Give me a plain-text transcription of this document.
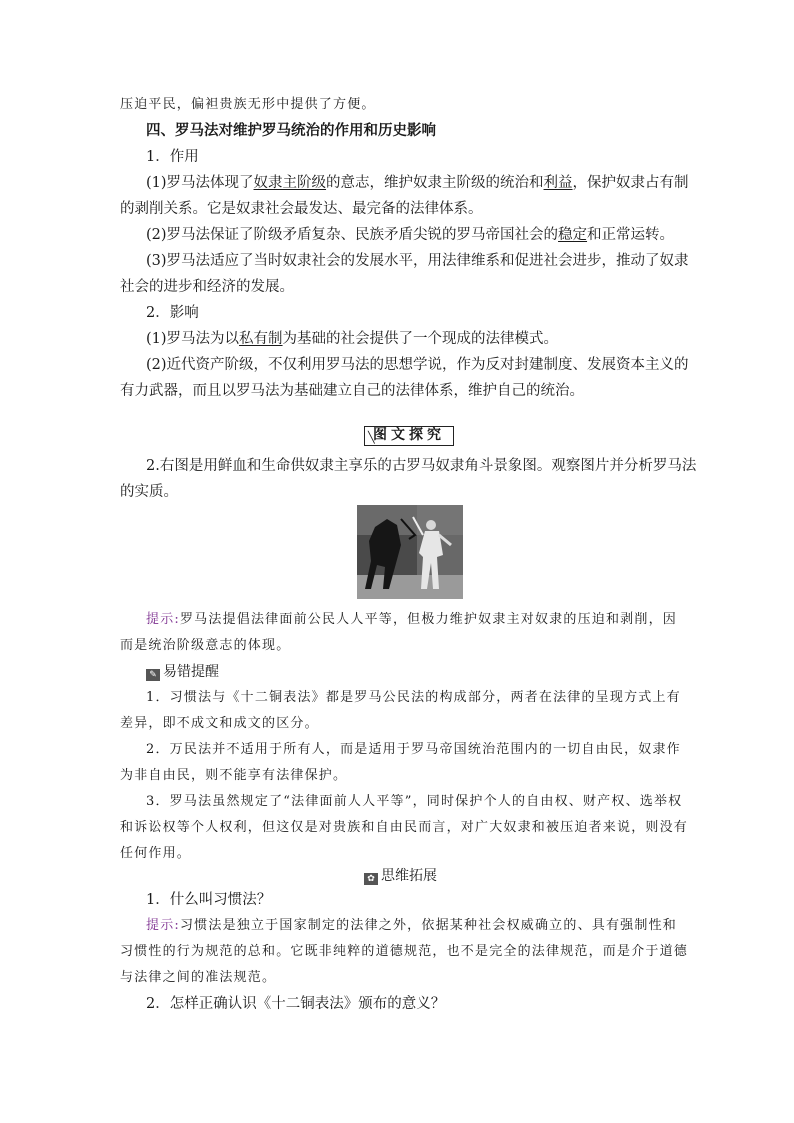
压迫平民，偏袒贵族无形中提供了方便。
四、罗马法对维护罗马统治的作用和历史影响
1．作用
(1)罗马法体现了奴隶主阶级的意志，维护奴隶主阶级的统治和利益，保护奴隶占有制
的剥削关系。它是奴隶社会最发达、最完备的法律体系。
(2)罗马法保证了阶级矛盾复杂、民族矛盾尖锐的罗马帝国社会的稳定和正常运转。
(3)罗马法适应了当时奴隶社会的发展水平，用法律维系和促进社会进步，推动了奴隶
社会的进步和经济的发展。
2．影响
(1)罗马法为以私有制为基础的社会提供了一个现成的法律模式。
(2)近代资产阶级，不仅利用罗马法的思想学说，作为反对封建制度、发展资本主义的
有力武器，而且以罗马法为基础建立自己的法律体系，维护自己的统治。
╲
图文探究
2.右图是用鲜血和生命供奴隶主享乐的古罗马奴隶角斗景象图。观察图片并分析罗马法
的实质。
提示:罗马法提倡法律面前公民人人平等，但极力维护奴隶主对奴隶的压迫和剥削，因
而是统治阶级意志的体现。
✎ 易错提醒
1．习惯法与《十二铜表法》都是罗马公民法的构成部分，两者在法律的呈现方式上有
差异，即不成文和成文的区分。
2．万民法并不适用于所有人，而是适用于罗马帝国统治范围内的一切自由民，奴隶作
为非自由民，则不能享有法律保护。
3．罗马法虽然规定了“法律面前人人平等”，同时保护个人的自由权、财产权、选举权
和诉讼权等个人权利，但这仅是对贵族和自由民而言，对广大奴隶和被压迫者来说，则没有
任何作用。
✿ 思维拓展
1．什么叫习惯法？
提示:习惯法是独立于国家制定的法律之外，依据某种社会权威确立的、具有强制性和
习惯性的行为规范的总和。它既非纯粹的道德规范，也不是完全的法律规范，而是介于道德
与法律之间的准法规范。
2．怎样正确认识《十二铜表法》颁布的意义？
